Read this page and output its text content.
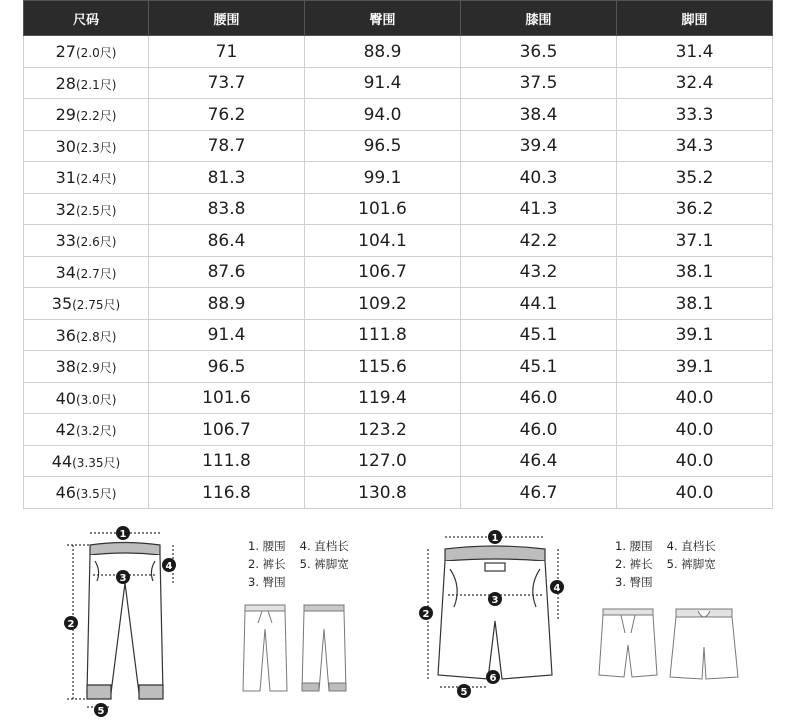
尺码	腰围	臀围	膝围	脚围
27(2.0尺)	71	88.9	36.5	31.4
28(2.1尺)	73.7	91.4	37.5	32.4
29(2.2尺)	76.2	94.0	38.4	33.3
30(2.3尺)	78.7	96.5	39.4	34.3
31(2.4尺)	81.3	99.1	40.3	35.2
32(2.5尺)	83.8	101.6	41.3	36.2
33(2.6尺)	86.4	104.1	42.2	37.1
34(2.7尺)	87.6	106.7	43.2	38.1
35(2.75尺)	88.9	109.2	44.1	38.1
36(2.8尺)	91.4	111.8	45.1	39.1
38(2.9尺)	96.5	115.6	45.1	39.1
40(3.0尺)	101.6	119.4	46.0	40.0
42(3.2尺)	106.7	123.2	46.0	40.0
44(3.35尺)	111.8	127.0	46.4	40.0
46(3.5尺)	116.8	130.8	46.7	40.0
1
2
3
4
5
1. 腰围 4. 直档长
2. 裤长 5. 裤脚宽
3. 臀围
1
2
3
4
5
6
1. 腰围 4. 直档长
2. 裤长 5. 裤脚宽
3. 臀围
